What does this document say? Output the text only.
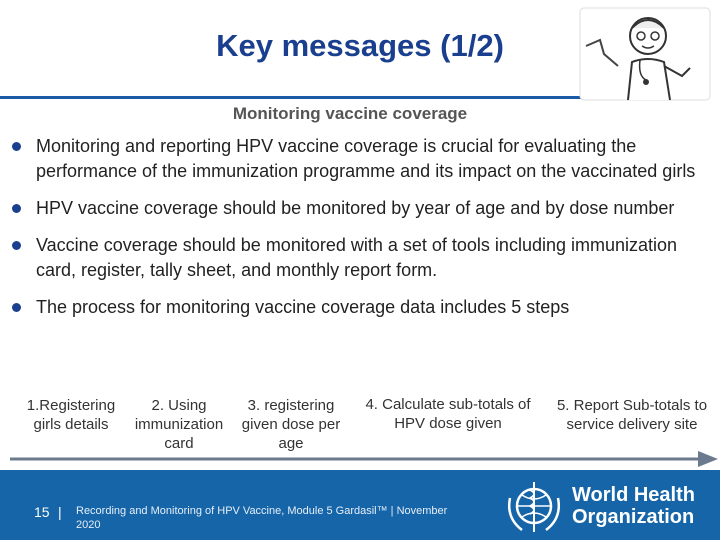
Key messages (1/2)
Monitoring vaccine coverage
Monitoring and reporting HPV vaccine coverage is crucial for evaluating the performance of the immunization programme and its impact on the vaccinated girls
HPV vaccine coverage should be monitored by year of age and by dose number
Vaccine coverage should be monitored with a set of tools including immunization card, register, tally sheet, and monthly report form.
The process for monitoring vaccine coverage data includes 5 steps
1.Registering girls details
2. Using immunization card
3. registering given dose per age
4. Calculate sub-totals of HPV dose given
5. Report Sub-totals to service delivery site
15 | Recording and Monitoring of HPV Vaccine, Module 5 Gardasil™ | November 2020
World Health
Organization
